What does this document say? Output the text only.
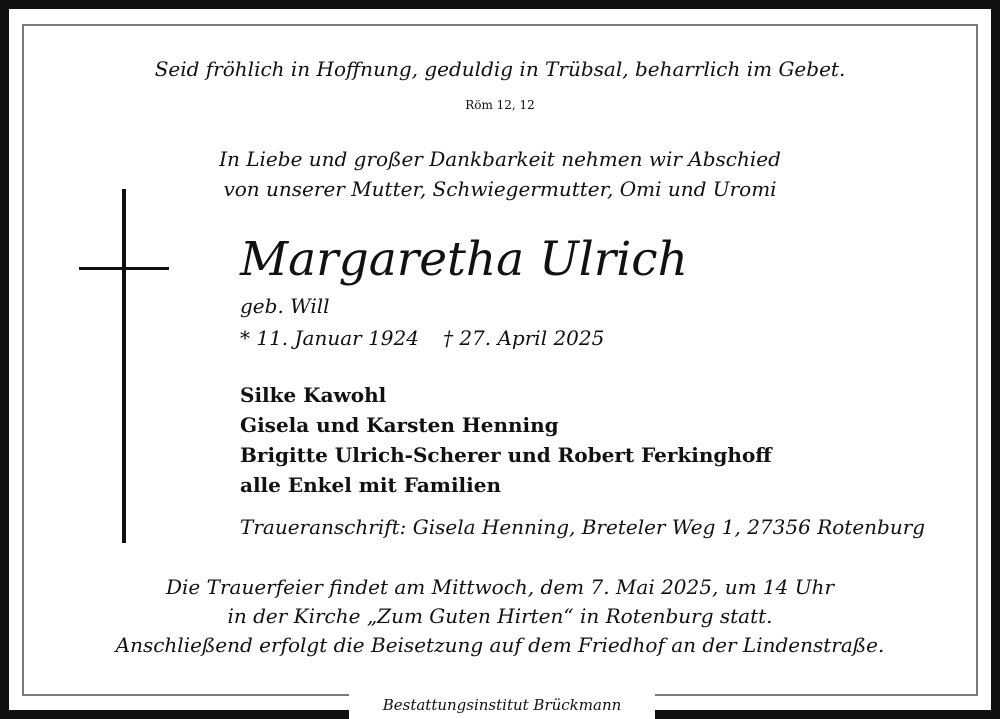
Seid fröhlich in Hoffnung, geduldig in Trübsal, beharrlich im Gebet.
Röm 12, 12
In Liebe und großer Dankbarkeit nehmen wir Abschied
von unserer Mutter, Schwiegermutter, Omi und Uromi
Margaretha Ulrich
geb. Will
* 11. Januar 1924 † 27. April 2025
Silke Kawohl
Gisela und Karsten Henning
Brigitte Ulrich-Scherer und Robert Ferkinghoff
alle Enkel mit Familien
Traueranschrift: Gisela Henning, Breteler Weg 1, 27356 Rotenburg
Die Trauerfeier findet am Mittwoch, dem 7. Mai 2025, um 14 Uhr
in der Kirche „Zum Guten Hirten“ in Rotenburg statt.
Anschließend erfolgt die Beisetzung auf dem Friedhof an der Lindenstraße.
Bestattungsinstitut Brückmann
